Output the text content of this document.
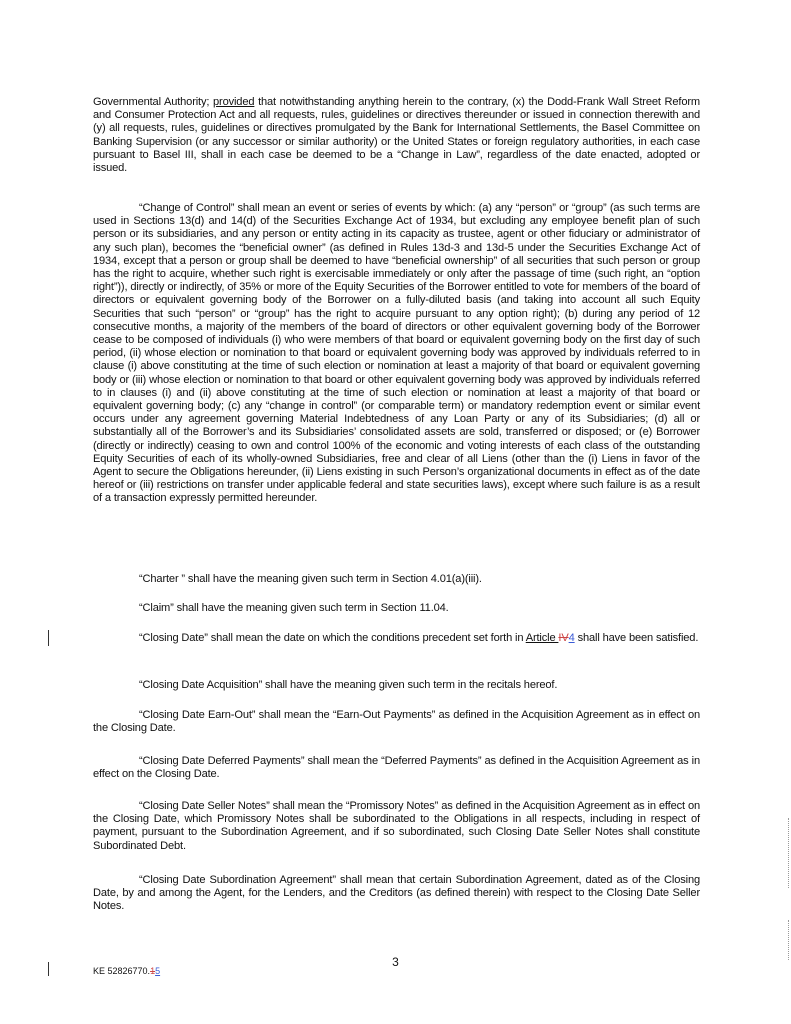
Governmental Authority; provided that notwithstanding anything herein to the contrary, (x) the Dodd-Frank Wall Street Reform and Consumer Protection Act and all requests, rules, guidelines or directives thereunder or issued in connection therewith and (y) all requests, rules, guidelines or directives promulgated by the Bank for International Settlements, the Basel Committee on Banking Supervision (or any successor or similar authority) or the United States or foreign regulatory authorities, in each case pursuant to Basel III, shall in each case be deemed to be a “Change in Law”, regardless of the date enacted, adopted or issued.
“Change of Control” shall mean an event or series of events by which: (a) any “person” or “group” (as such terms are used in Sections 13(d) and 14(d) of the Securities Exchange Act of 1934, but excluding any employee benefit plan of such person or its subsidiaries, and any person or entity acting in its capacity as trustee, agent or other fiduciary or administrator of any such plan), becomes the “beneficial owner” (as defined in Rules 13d-3 and 13d-5 under the Securities Exchange Act of 1934, except that a person or group shall be deemed to have “beneficial ownership” of all securities that such person or group has the right to acquire, whether such right is exercisable immediately or only after the passage of time (such right, an “option right”)), directly or indirectly, of 35% or more of the Equity Securities of the Borrower entitled to vote for members of the board of directors or equivalent governing body of the Borrower on a fully-diluted basis (and taking into account all such Equity Securities that such “person” or “group” has the right to acquire pursuant to any option right); (b) during any period of 12 consecutive months, a majority of the members of the board of directors or other equivalent governing body of the Borrower cease to be composed of individuals (i) who were members of that board or equivalent governing body on the first day of such period, (ii) whose election or nomination to that board or equivalent governing body was approved by individuals referred to in clause (i) above constituting at the time of such election or nomination at least a majority of that board or equivalent governing body or (iii) whose election or nomination to that board or other equivalent governing body was approved by individuals referred to in clauses (i) and (ii) above constituting at the time of such election or nomination at least a majority of that board or equivalent governing body; (c) any “change in control” (or comparable term) or mandatory redemption event or similar event occurs under any agreement governing Material Indebtedness of any Loan Party or any of its Subsidiaries; (d) all or substantially all of the Borrower’s and its Subsidiaries’ consolidated assets are sold, transferred or disposed; or (e) Borrower (directly or indirectly) ceasing to own and control 100% of the economic and voting interests of each class of the outstanding Equity Securities of each of its wholly-owned Subsidiaries, free and clear of all Liens (other than the (i) Liens in favor of the Agent to secure the Obligations hereunder, (ii) Liens existing in such Person’s organizational documents in effect as of the date hereof or (iii) restrictions on transfer under applicable federal and state securities laws), except where such failure is as a result of a transaction expressly permitted hereunder.
“Charter ” shall have the meaning given such term in Section 4.01(a)(iii).
“Claim” shall have the meaning given such term in Section 11.04.
“Closing Date” shall mean the date on which the conditions precedent set forth in Article IV4 shall have been satisfied.
“Closing Date Acquisition” shall have the meaning given such term in the recitals hereof.
“Closing Date Earn-Out” shall mean the “Earn-Out Payments” as defined in the Acquisition Agreement as in effect on the Closing Date.
“Closing Date Deferred Payments” shall mean the “Deferred Payments” as defined in the Acquisition Agreement as in effect on the Closing Date.
“Closing Date Seller Notes” shall mean the “Promissory Notes” as defined in the Acquisition Agreement as in effect on the Closing Date, which Promissory Notes shall be subordinated to the Obligations in all respects, including in respect of payment, pursuant to the Subordination Agreement, and if so subordinated, such Closing Date Seller Notes shall constitute Subordinated Debt.
“Closing Date Subordination Agreement” shall mean that certain Subordination Agreement, dated as of the Closing Date, by and among the Agent, for the Lenders, and the Creditors (as defined therein) with respect to the Closing Date Seller Notes.
3
KE 52826770.15
